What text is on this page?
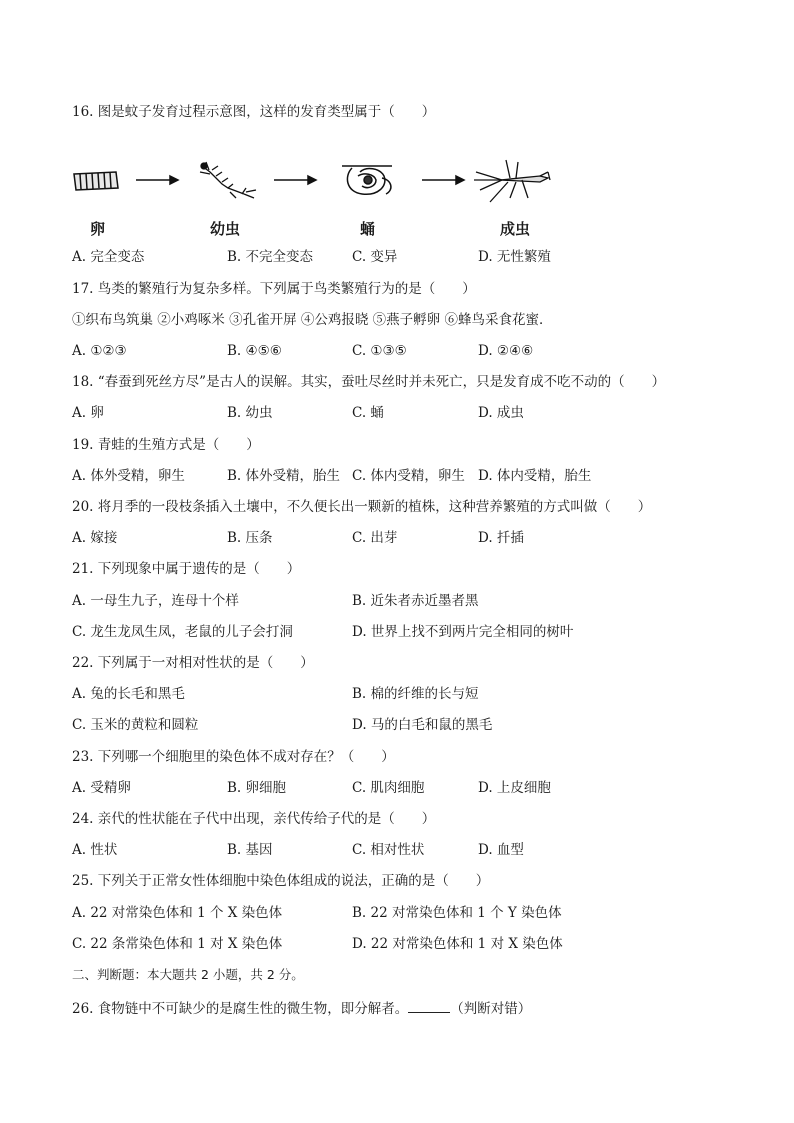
16. 图是蚊子发育过程示意图，这样的发育类型属于（　　）
卵	幼虫	蛹	成虫
A. 完全变态	B. 不完全变态	C. 变异	D. 无性繁殖
17. 鸟类的繁殖行为复杂多样。下列属于鸟类繁殖行为的是（　　）
①织布鸟筑巢 ②小鸡啄米 ③孔雀开屏 ④公鸡报晓 ⑤燕子孵卵 ⑥蜂鸟采食花蜜．
A. ①②③	B. ④⑤⑥	C. ①③⑤	D. ②④⑥
18. “春蚕到死丝方尽”是古人的误解。其实，蚕吐尽丝时并未死亡，只是发育成不吃不动的（　　）
A. 卵	B. 幼虫	C. 蛹	D. 成虫
19. 青蛙的生殖方式是（　　）
A. 体外受精，卵生	B. 体外受精，胎生 C. 体内受精，卵生 D. 体内受精，胎生
20. 将月季的一段枝条插入土壤中，不久便长出一颗新的植株，这种营养繁殖的方式叫做（　　）
A. 嫁接	B. 压条	C. 出芽	D. 扦插
21. 下列现象中属于遗传的是（　　）
A. 一母生九子，连母十个样	B. 近朱者赤近墨者黑
C. 龙生龙凤生凤，老鼠的儿子会打洞	D. 世界上找不到两片完全相同的树叶
22. 下列属于一对相对性状的是（　　）
A. 兔的长毛和黑毛	B. 棉的纤维的长与短
C. 玉米的黄粒和圆粒	D. 马的白毛和鼠的黑毛
23. 下列哪一个细胞里的染色体不成对存在？（　　）
A. 受精卵	B. 卵细胞	C. 肌肉细胞	D. 上皮细胞
24. 亲代的性状能在子代中出现，亲代传给子代的是（　　）
A. 性状	B. 基因	C. 相对性状	D. 血型
25. 下列关于正常女性体细胞中染色体组成的说法，正确的是（　　）
A. 22 对常染色体和 1 个 X 染色体	B. 22 对常染色体和 1 个 Y 染色体
C. 22 条常染色体和 1 对 X 染色体	D. 22 对常染色体和 1 对 X 染色体
二、判断题：本大题共 2 小题，共 2 分。
26. 食物链中不可缺少的是腐生性的微生物，即分解者。	（判断对错）
